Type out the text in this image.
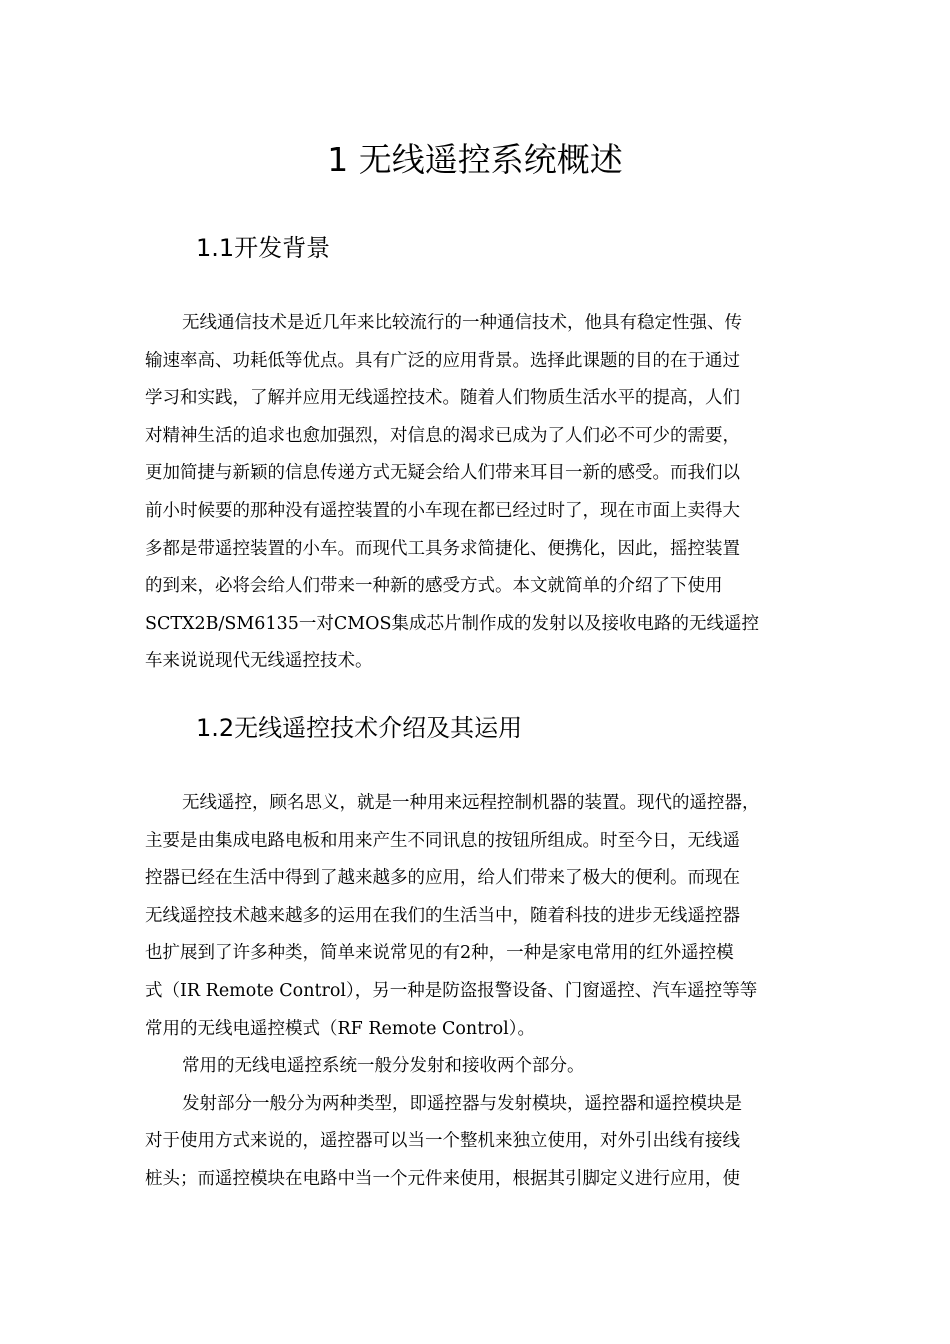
1 无线遥控系统概述
1.1开发背景
无线通信技术是近几年来比较流行的一种通信技术，他具有稳定性强、传
输速率高、功耗低等优点。具有广泛的应用背景。选择此课题的目的在于通过
学习和实践，了解并应用无线遥控技术。随着人们物质生活水平的提高，人们
对精神生活的追求也愈加强烈，对信息的渴求已成为了人们必不可少的需要，
更加简捷与新颖的信息传递方式无疑会给人们带来耳目一新的感受。而我们以
前小时候要的那种没有遥控装置的小车现在都已经过时了，现在市面上卖得大
多都是带遥控装置的小车。而现代工具务求简捷化、便携化，因此，摇控装置
的到来，必将会给人们带来一种新的感受方式。本文就简单的介绍了下使用
SCTX2B/SM6135一对CMOS集成芯片制作成的发射以及接收电路的无线遥控
车来说说现代无线遥控技术。
1.2无线遥控技术介绍及其运用
无线遥控，顾名思义，就是一种用来远程控制机器的装置。现代的遥控器，
主要是由集成电路电板和用来产生不同讯息的按钮所组成。时至今日，无线遥
控器已经在生活中得到了越来越多的应用，给人们带来了极大的便利。而现在
无线遥控技术越来越多的运用在我们的生活当中，随着科技的进步无线遥控器
也扩展到了许多种类，简单来说常见的有2种，一种是家电常用的红外遥控模
式（IR Remote Control），另一种是防盗报警设备、门窗遥控、汽车遥控等等
常用的无线电遥控模式（RF Remote Control）。
常用的无线电遥控系统一般分发射和接收两个部分。
发射部分一般分为两种类型，即遥控器与发射模块，遥控器和遥控模块是
对于使用方式来说的，遥控器可以当一个整机来独立使用，对外引出线有接线
桩头；而遥控模块在电路中当一个元件来使用，根据其引脚定义进行应用，使
